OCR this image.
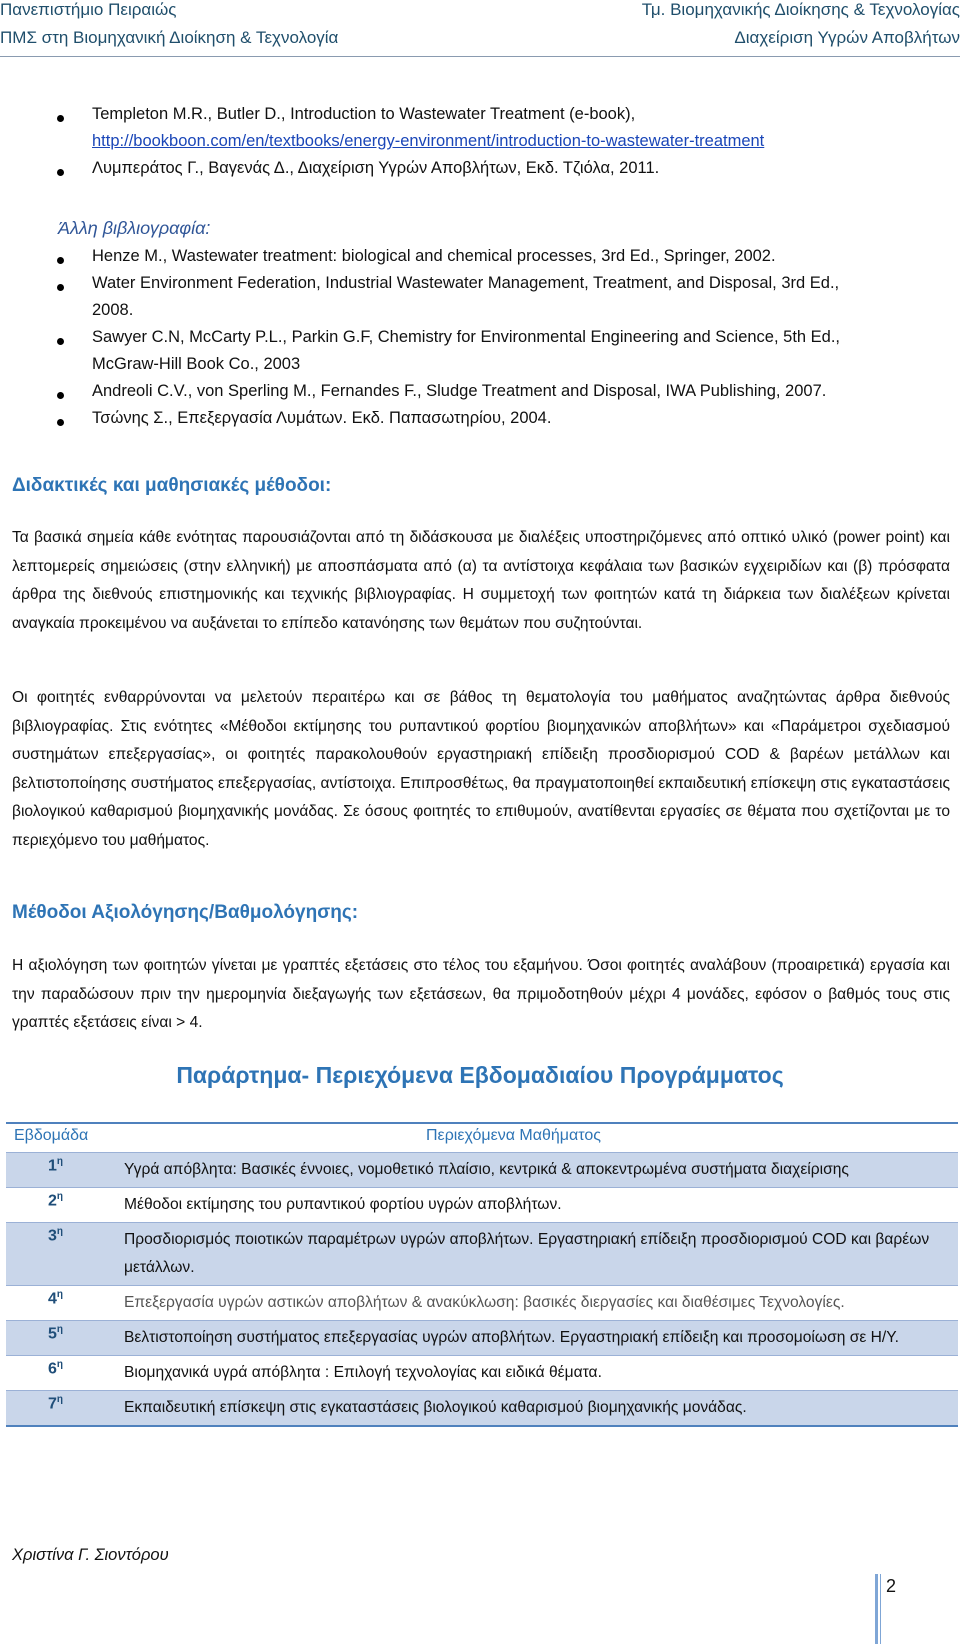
Πανεπιστήμιο Πειραιώς
ΠΜΣ στη Βιομηχανική Διοίκηση & Τεχνολογία
Τμ. Βιομηχανικής Διοίκησης & Τεχνολογίας
Διαχείριση Υγρών Αποβλήτων
Templeton M.R., Butler D., Introduction to Wastewater Treatment (e-book),
http://bookboon.com/en/textbooks/energy-environment/introduction-to-wastewater-treatment
Λυμπεράτος Γ., Βαγενάς Δ., Διαχείριση Υγρών Αποβλήτων, Εκδ. Τζιόλα, 2011.
Άλλη βιβλιογραφία:
Henze M., Wastewater treatment: biological and chemical processes, 3rd Ed., Springer, 2002.
Water Environment Federation, Industrial Wastewater Management, Treatment, and Disposal, 3rd Ed.,
2008.
Sawyer C.N, McCarty P.L., Parkin G.F, Chemistry for Environmental Engineering and Science, 5th Ed.,
McGraw-Hill Book Co., 2003
Andreoli C.V., von Sperling M., Fernandes F., Sludge Treatment and Disposal, IWA Publishing, 2007.
Τσώνης Σ., Επεξεργασία Λυμάτων. Εκδ. Παπασωτηρίου, 2004.
Διδακτικές και μαθησιακές μέθοδοι:
Τα βασικά σημεία κάθε ενότητας παρουσιάζονται από τη διδάσκουσα με διαλέξεις υποστηριζόμενες από οπτικό υλικό (power point) και λεπτομερείς σημειώσεις (στην ελληνική) με αποσπάσματα από (α) τα αντίστοιχα κεφάλαια των βασικών εγχειριδίων και (β) πρόσφατα άρθρα της διεθνούς επιστημονικής και τεχνικής βιβλιογραφίας. Η συμμετοχή των φοιτητών κατά τη διάρκεια των διαλέξεων κρίνεται αναγκαία προκειμένου να αυξάνεται το επίπεδο κατανόησης των θεμάτων που συζητούνται.
Οι φοιτητές ενθαρρύνονται να μελετούν περαιτέρω και σε βάθος τη θεματολογία του μαθήματος αναζητώντας άρθρα διεθνούς βιβλιογραφίας. Στις ενότητες «Μέθοδοι εκτίμησης του ρυπαντικού φορτίου βιομηχανικών αποβλήτων» και «Παράμετροι σχεδιασμού συστημάτων επεξεργασίας», οι φοιτητές παρακολουθούν εργαστηριακή επίδειξη προσδιορισμού COD & βαρέων μετάλλων και βελτιστοποίησης συστήματος επεξεργασίας, αντίστοιχα. Επιπροσθέτως, θα πραγματοποιηθεί εκπαιδευτική επίσκεψη στις εγκαταστάσεις βιολογικού καθαρισμού βιομηχανικής μονάδας. Σε όσους φοιτητές το επιθυμούν, ανατίθενται εργασίες σε θέματα που σχετίζονται με το περιεχόμενο του μαθήματος.
Μέθοδοι Αξιολόγησης/Βαθμολόγησης:
Η αξιολόγηση των φοιτητών γίνεται με γραπτές εξετάσεις στο τέλος του εξαμήνου. Όσοι φοιτητές αναλάβουν (προαιρετικά) εργασία και την παραδώσουν πριν την ημερομηνία διεξαγωγής των εξετάσεων, θα πριμοδοτηθούν μέχρι 4 μονάδες, εφόσον ο βαθμός τους στις γραπτές εξετάσεις είναι > 4.
Παράρτημα- Περιεχόμενα Εβδομαδιαίου Προγράμματος
Εβδομάδα	Περιεχόμενα Μαθήματος
$1^\eta$	Υγρά απόβλητα: Βασικές έννοιες, νομοθετικό πλαίσιο, κεντρικά & αποκεντρωμένα συστήματα διαχείρισης
$2^\eta$	Μέθοδοι εκτίμησης του ρυπαντικού φορτίου υγρών αποβλήτων.
$3^\eta$	Προσδιορισμός ποιοτικών παραμέτρων υγρών αποβλήτων. Εργαστηριακή επίδειξη προσδιορισμού COD και βαρέων μετάλλων.
$4^\eta$	Επεξεργασία υγρών αστικών αποβλήτων & ανακύκλωση: βασικές διεργασίες και διαθέσιμες Τεχνολογίες.
$5^\eta$	Βελτιστοποίηση συστήματος επεξεργασίας υγρών αποβλήτων. Εργαστηριακή επίδειξη και προσομοίωση σε Η/Υ.
$6^\eta$	Βιομηχανικά υγρά απόβλητα : Επιλογή τεχνολογίας και ειδικά θέματα.
$7^\eta$	Εκπαιδευτική επίσκεψη στις εγκαταστάσεις βιολογικού καθαρισμού βιομηχανικής μονάδας.
Χριστίνα Γ. Σιοντόρου
2
